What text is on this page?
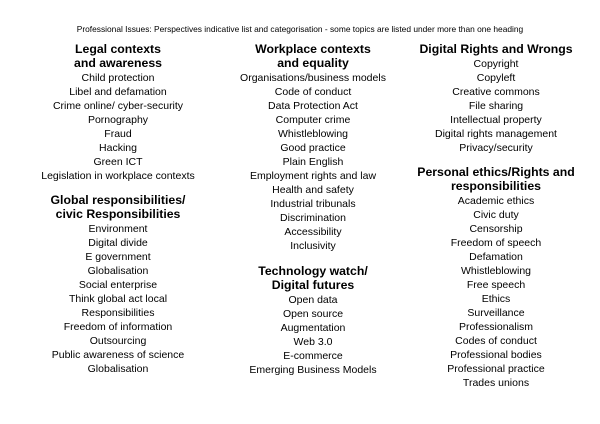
Professional Issues: Perspectives indicative list and categorisation - some topics are listed under more than one heading
Legal contexts
and awareness
Child protection
Libel and defamation
Crime online/ cyber-security
Pornography
Fraud
Hacking
Green ICT
Legislation in workplace contexts
Global responsibilities/
civic Responsibilities
Environment
Digital divide
E government
Globalisation
Social enterprise
Think global act local
Responsibilities
Freedom of information
Outsourcing
Public awareness of science
Globalisation
Workplace contexts
and equality
Organisations/business models
Code of conduct
Data Protection Act
Computer crime
Whistleblowing
Good practice
Plain English
Employment rights and law
Health and safety
Industrial tribunals
Discrimination
Accessibility
Inclusivity
Technology watch/
Digital futures
Open data
Open source
Augmentation
Web 3.0
E-commerce
Emerging Business Models
Digital Rights and Wrongs
Copyright
Copyleft
Creative commons
File sharing
Intellectual property
Digital rights management
Privacy/security
Personal ethics/Rights and
responsibilities
Academic ethics
Civic duty
Censorship
Freedom of speech
Defamation
Whistleblowing
Free speech
Ethics
Surveillance
Professionalism
Codes of conduct
Professional bodies
Professional practice
Trades unions
